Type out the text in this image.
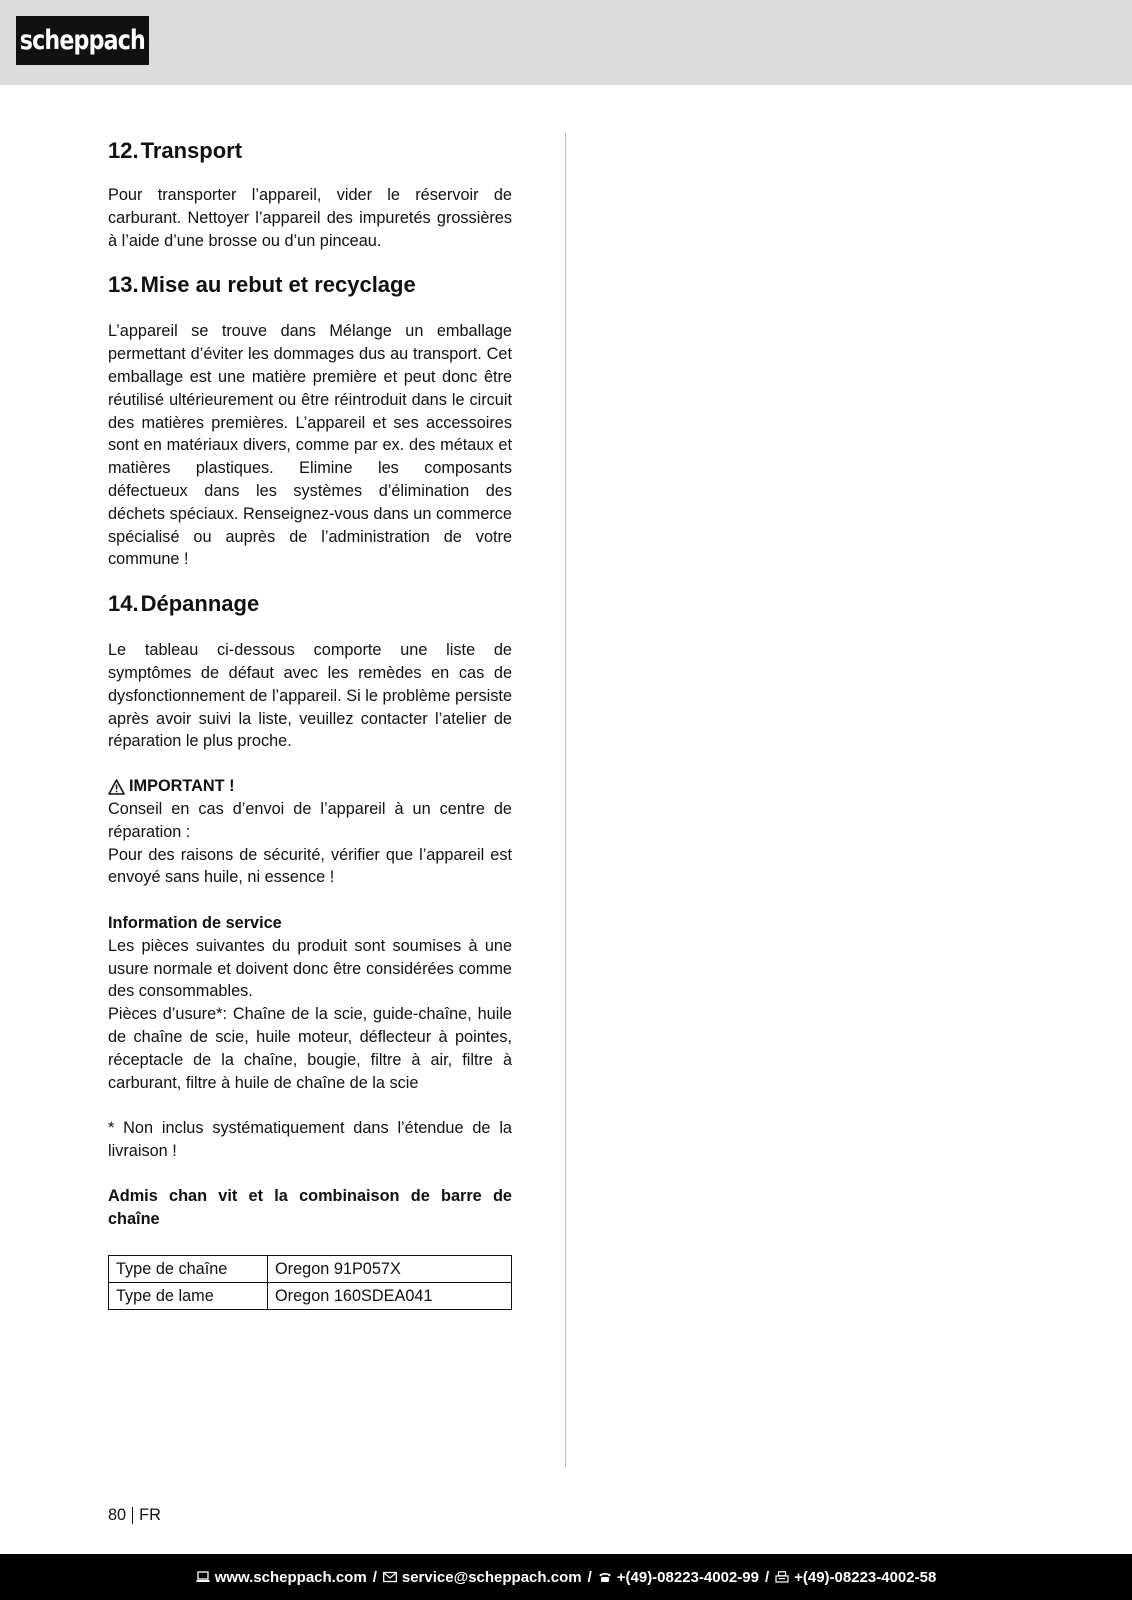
scheppach
12. Transport

Pour transporter l’appareil, vider le réservoir de carburant. Nettoyer l’appareil des impuretés grossières à l’aide d’une brosse ou d’un pinceau.

13. Mise au rebut et recyclage

L’appareil se trouve dans Mélange un emballage permettant d’éviter les dommages dus au transport. Cet emballage est une matière première et peut donc être réutilisé ultérieurement ou être réintroduit dans le circuit des matières premières. L’appareil et ses accessoires sont en matériaux divers, comme par ex. des métaux et matières plastiques. Elimine les composants défectueux dans les systèmes d’élimination des déchets spéciaux. Renseignez-vous dans un commerce spécialisé ou auprès de l’administration de votre commune !

14. Dépannage

Le tableau ci-dessous comporte une liste de symptômes de défaut avec les remèdes en cas de dysfonctionnement de l’appareil. Si le problème persiste après avoir suivi la liste, veuillez contacter l’atelier de réparation le plus proche.

IMPORTANT !

Conseil en cas d’envoi de l’appareil à un centre de réparation :

Pour des raisons de sécurité, vérifier que l’appareil est envoyé sans huile, ni essence !

Information de service

Les pièces suivantes du produit sont soumises à une usure normale et doivent donc être considérées comme des consommables.

Pièces d’usure*: Chaîne de la scie, guide-chaîne, huile de chaîne de scie, huile moteur, déflecteur à pointes, réceptacle de la chaîne, bougie, filtre à air, filtre à carburant, filtre à huile de chaîne de la scie

* Non inclus systématiquement dans l’étendue de la livraison !

Admis chan vit et la combinaison de barre de chaîne

Type de chaîne	Oregon 91P057X
Type de lame	Oregon 160SDEA041
80 FR
www.scheppach.com / service@scheppach.com / +(49)-08223-4002-99 / +(49)-08223-4002-58
